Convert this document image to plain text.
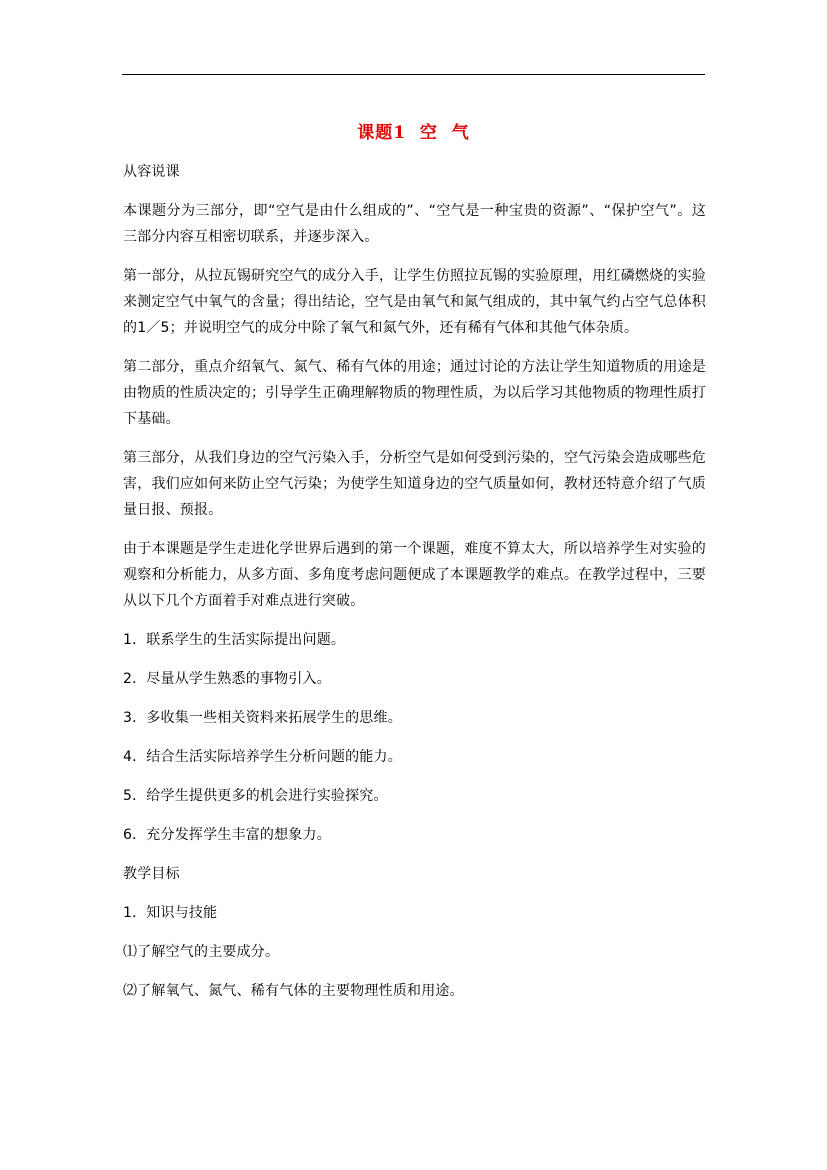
课题1  空  气

从容说课

本课题分为三部分，即“空气是由什么组成的”、“空气是一种宝贵的资源”、“保护空气”。这三部分内容互相密切联系，并逐步深入。

第一部分，从拉瓦锡研究空气的成分入手，让学生仿照拉瓦锡的实验原理，用红磷燃烧的实验来测定空气中氧气的含量；得出结论，空气是由氧气和氮气组成的，其中氧气约占空气总体积的1／5；并说明空气的成分中除了氧气和氮气外，还有稀有气体和其他气体杂质。

第二部分，重点介绍氧气、氮气、稀有气体的用途；通过讨论的方法让学生知道物质的用途是由物质的性质决定的；引导学生正确理解物质的物理性质，为以后学习其他物质的物理性质打下基础。

第三部分，从我们身边的空气污染入手，分析空气是如何受到污染的，空气污染会造成哪些危害，我们应如何来防止空气污染；为使学生知道身边的空气质量如何，教材还特意介绍了气质量日报、预报。

由于本课题是学生走进化学世界后遇到的第一个课题，难度不算太大，所以培养学生对实验的观察和分析能力，从多方面、多角度考虑问题便成了本课题教学的难点。在教学过程中，三要从以下几个方面着手对难点进行突破。

1．联系学生的生活实际提出问题。

2．尽量从学生熟悉的事物引入。

3．多收集一些相关资料来拓展学生的思维。

4．结合生活实际培养学生分析问题的能力。

5．给学生提供更多的机会进行实验探究。

6．充分发挥学生丰富的想象力。

教学目标

1．知识与技能

⑴了解空气的主要成分。

⑵了解氧气、氮气、稀有气体的主要物理性质和用途。
